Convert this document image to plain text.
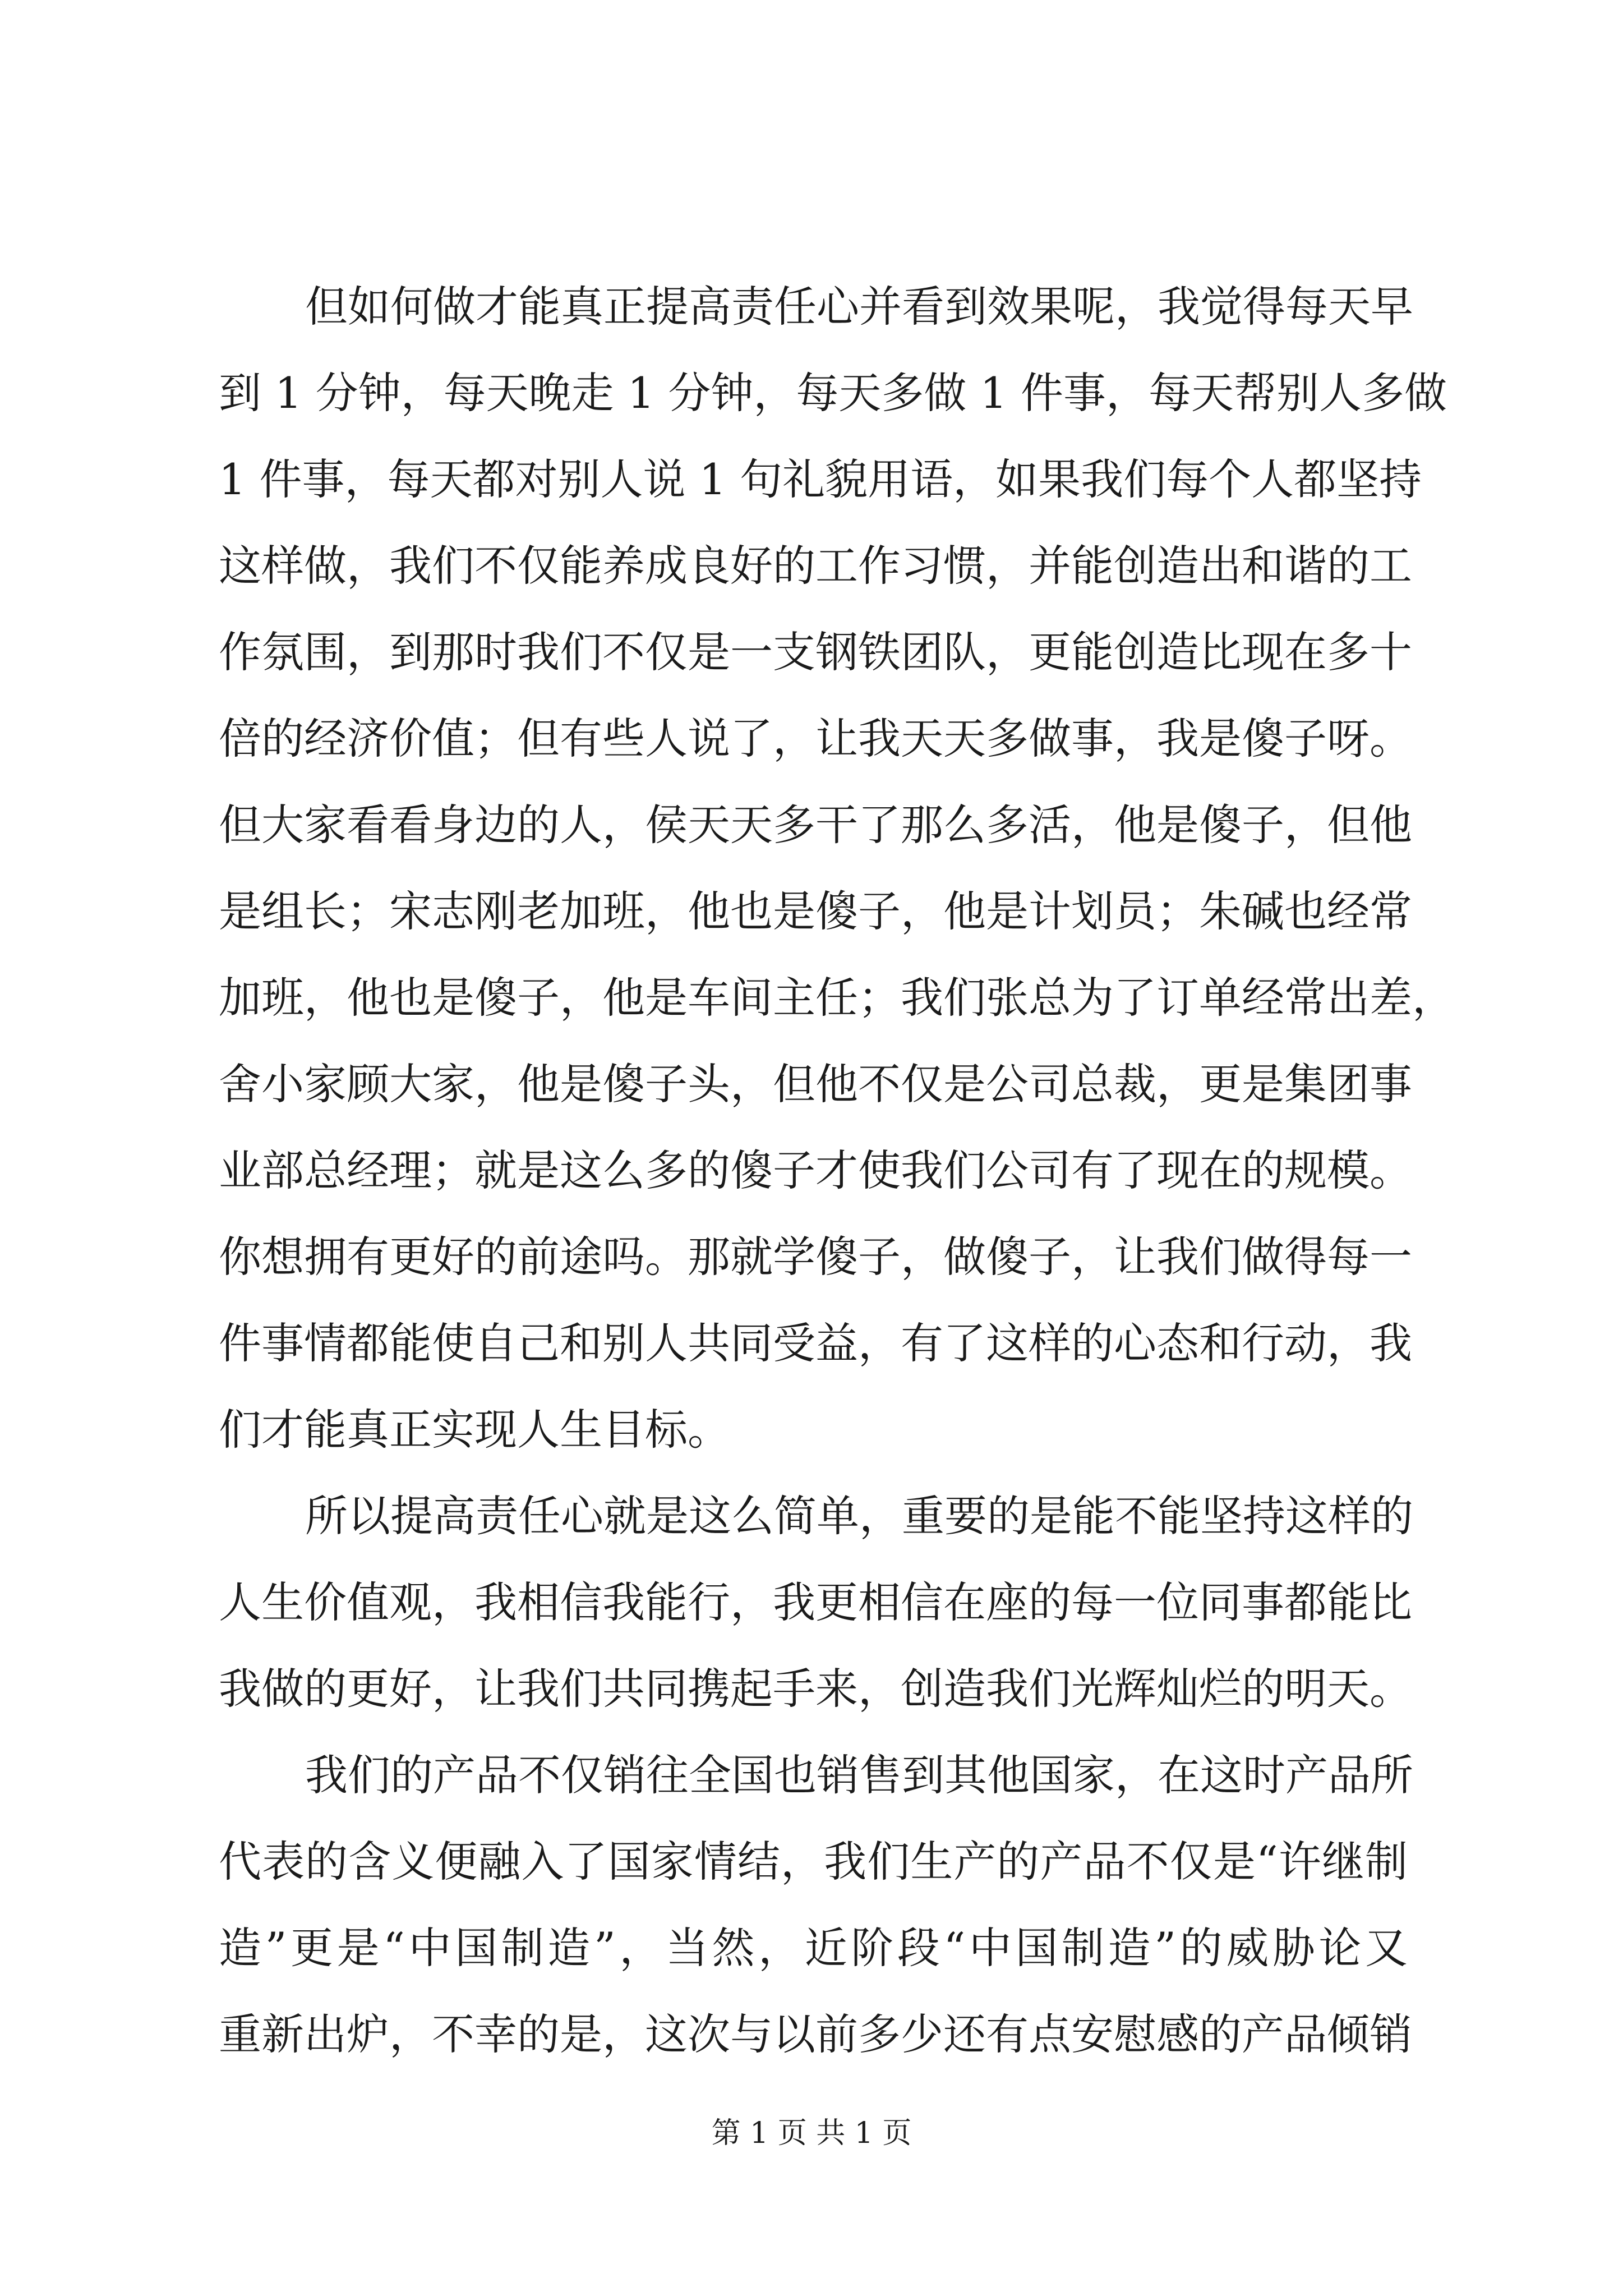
但如何做才能真正提高责任心并看到效果呢，我觉得每天早
到 1 分钟，每天晚走 1 分钟，每天多做 1 件事，每天帮别人多做
1 件事，每天都对别人说 1 句礼貌用语，如果我们每个人都坚持
这样做，我们不仅能养成良好的工作习惯，并能创造出和谐的工
作氛围，到那时我们不仅是一支钢铁团队，更能创造比现在多十
倍的经济价值；但有些人说了，让我天天多做事，我是傻子呀。
但大家看看身边的人，侯天天多干了那么多活，他是傻子，但他
是组长；宋志刚老加班，他也是傻子，他是计划员；朱碱也经常
加班，他也是傻子，他是车间主任；我们张总为了订单经常出差，
舍小家顾大家，他是傻子头，但他不仅是公司总裁，更是集团事
业部总经理；就是这么多的傻子才使我们公司有了现在的规模。
你想拥有更好的前途吗。那就学傻子，做傻子，让我们做得每一
件事情都能使自己和别人共同受益，有了这样的心态和行动，我
们才能真正实现人生目标。
所以提高责任心就是这么简单，重要的是能不能坚持这样的
人生价值观，我相信我能行，我更相信在座的每一位同事都能比
我做的更好，让我们共同携起手来，创造我们光辉灿烂的明天。
我们的产品不仅销往全国也销售到其他国家，在这时产品所
代表的含义便融入了国家情结，我们生产的产品不仅是“许继制
造”更是“中国制造”，当然，近阶段“中国制造”的威胁论又
重新出炉，不幸的是，这次与以前多少还有点安慰感的产品倾销
第 1 页 共 1 页
